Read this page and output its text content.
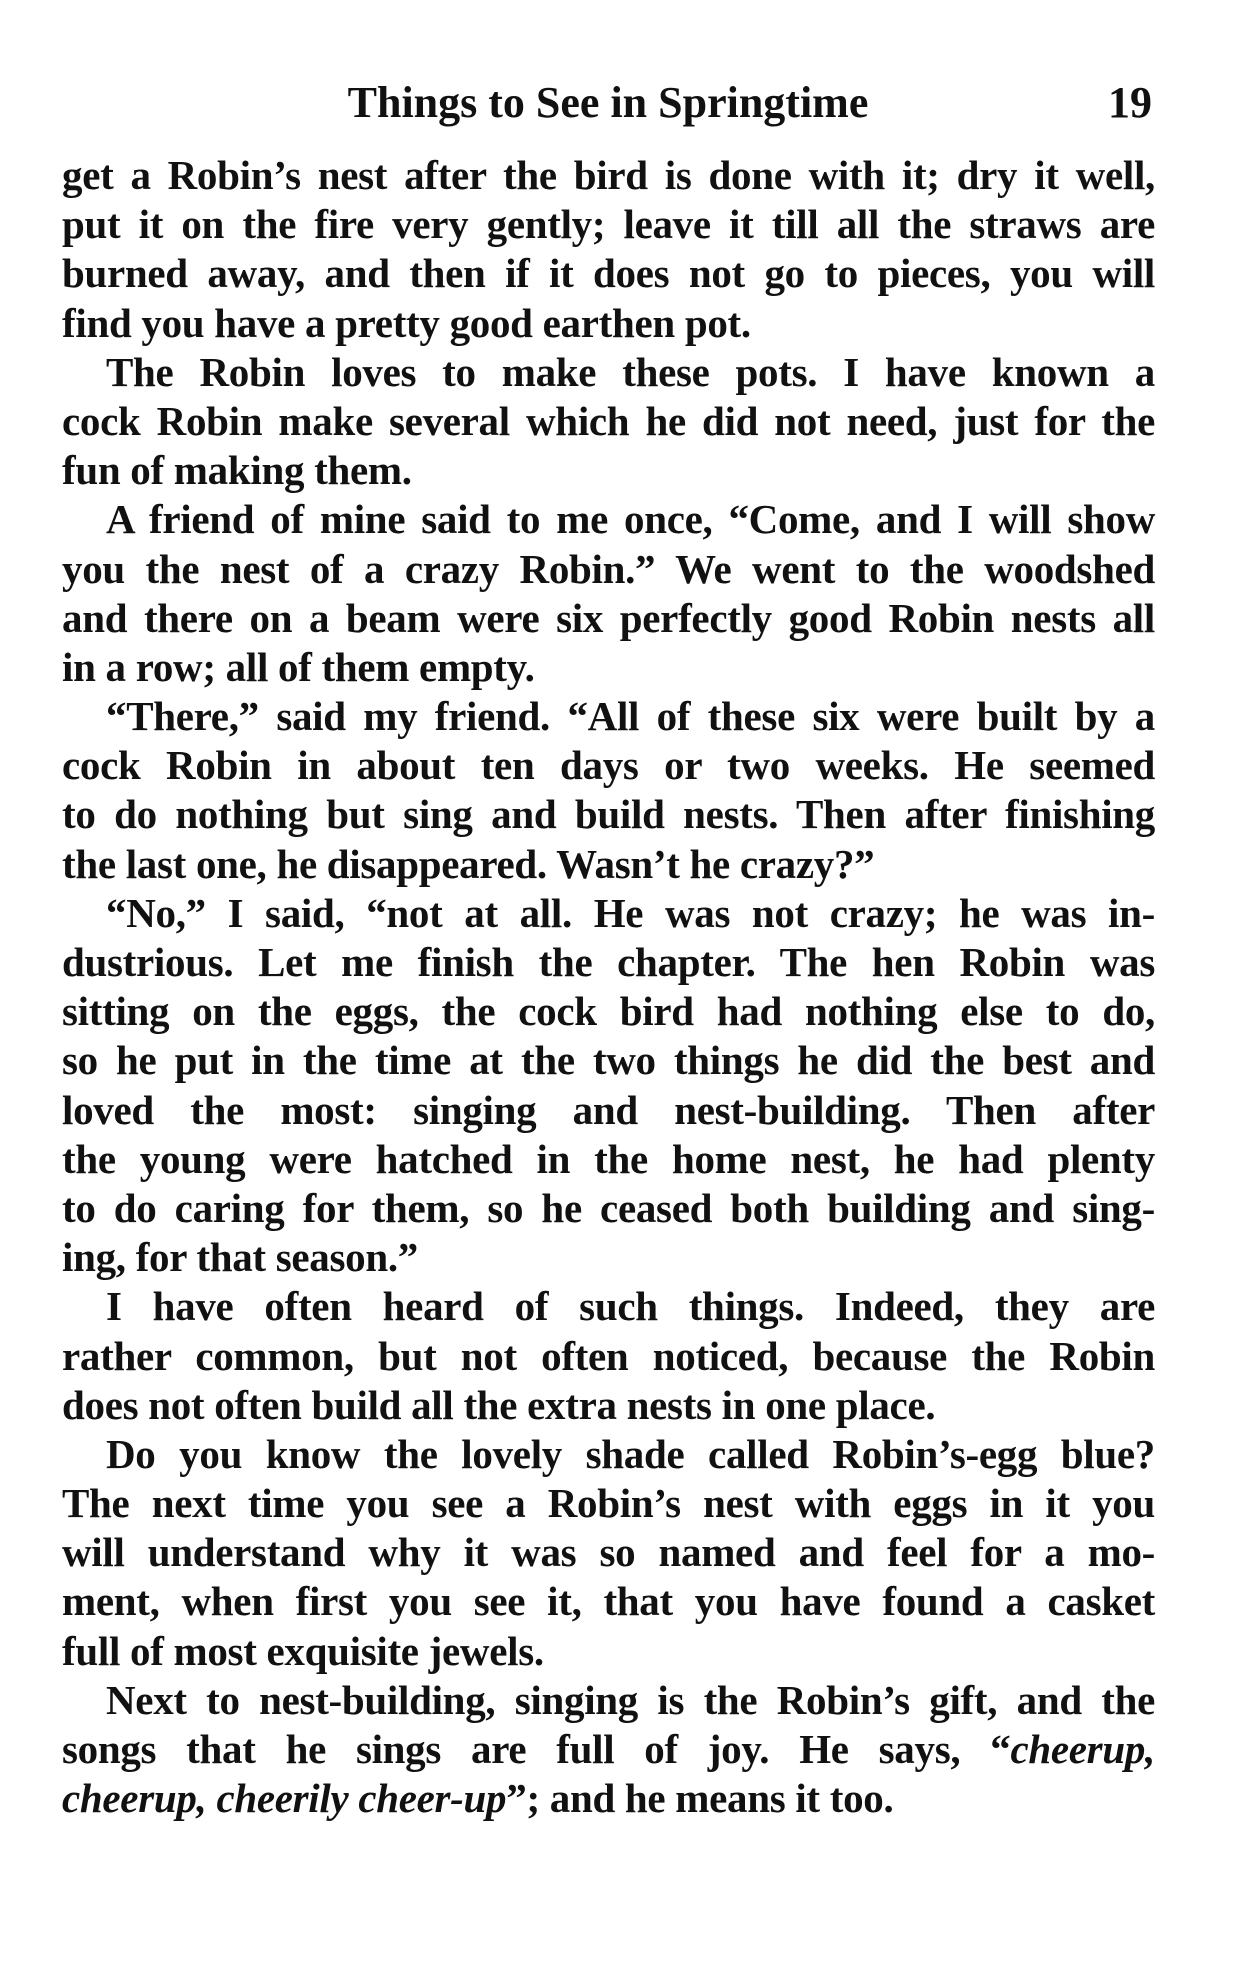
Things to See in Springtime	19
get a Robin’s nest after the bird is done with it; dry it well,
put it on the fire very gently; leave it till all the straws are
burned away, and then if it does not go to pieces, you will
find you have a pretty good earthen pot.
The Robin loves to make these pots. I have known a
cock Robin make several which he did not need, just for the
fun of making them.
A friend of mine said to me once, “Come, and I will show
you the nest of a crazy Robin.” We went to the woodshed
and there on a beam were six perfectly good Robin nests all
in a row; all of them empty.
“There,” said my friend. “All of these six were built by a
cock Robin in about ten days or two weeks. He seemed
to do nothing but sing and build nests. Then after finishing
the last one, he disappeared. Wasn’t he crazy?”
“No,” I said, “not at all. He was not crazy; he was in-
dustrious. Let me finish the chapter. The hen Robin was
sitting on the eggs, the cock bird had nothing else to do,
so he put in the time at the two things he did the best and
loved the most: singing and nest-building. Then after
the young were hatched in the home nest, he had plenty
to do caring for them, so he ceased both building and sing-
ing, for that season.”
I have often heard of such things. Indeed, they are
rather common, but not often noticed, because the Robin
does not often build all the extra nests in one place.
Do you know the lovely shade called Robin’s-egg blue?
The next time you see a Robin’s nest with eggs in it you
will understand why it was so named and feel for a mo-
ment, when first you see it, that you have found a casket
full of most exquisite jewels.
Next to nest-building, singing is the Robin’s gift, and the
songs that he sings are full of joy. He says, “cheerup,
cheerup, cheerily cheer-up”; and he means it too.
